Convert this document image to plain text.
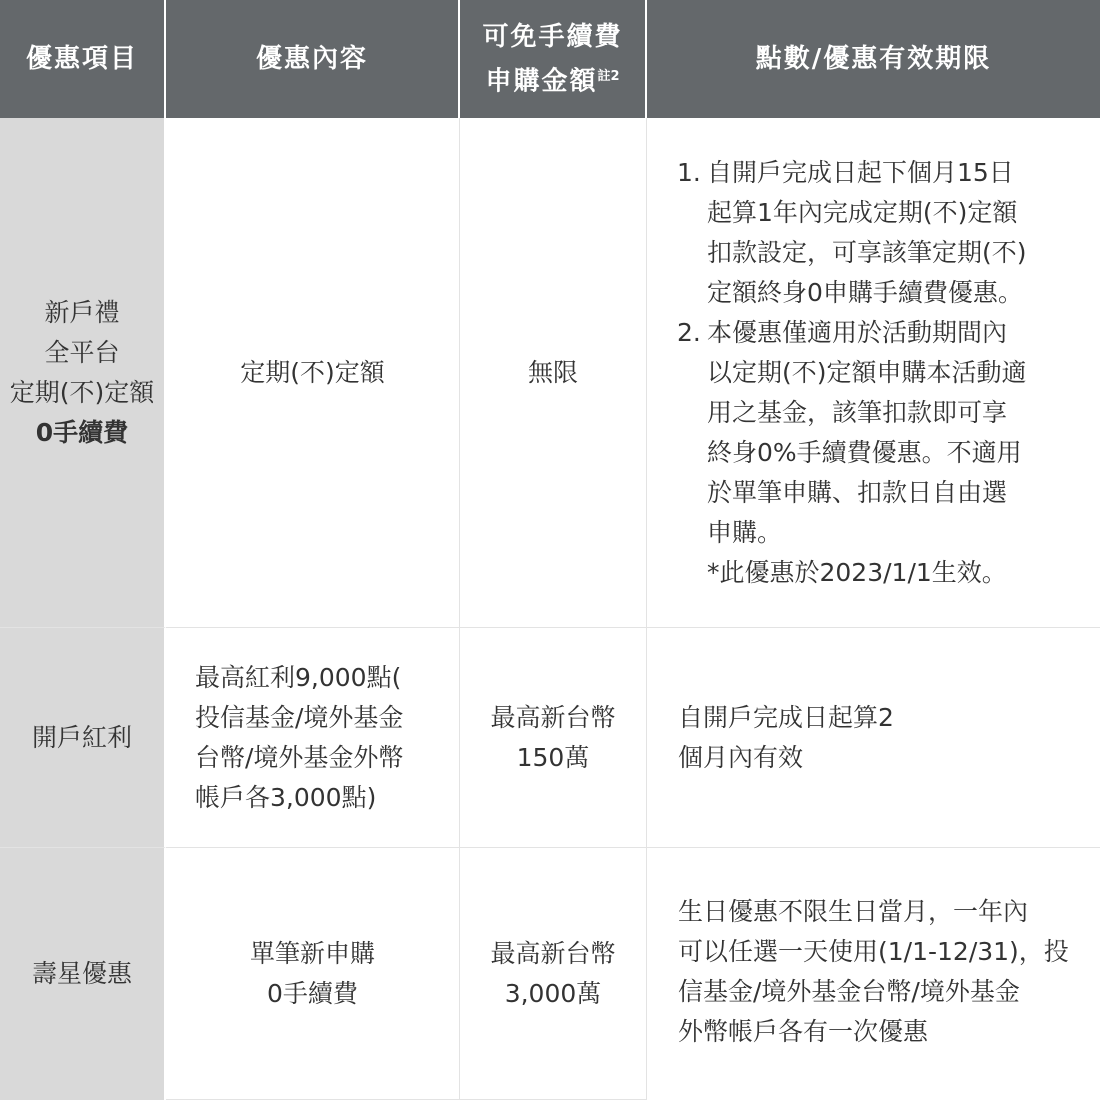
優惠項目	優惠內容
可免手續費
申購金額$^{註2}$
點數/優惠有效期限
新戶禮
全平台
定期(不)定額
0手續費
定期(不)定額	無限
1. 自開戶完成日起下個月15日
起算1年內完成定期(不)定額
扣款設定，可享該筆定期(不)
定額終身0申購手續費優惠。
2. 本優惠僅適用於活動期間內
以定期(不)定額申購本活動適
用之基金，該筆扣款即可享
終身0%手續費優惠。不適用
於單筆申購、扣款日自由選
申購。
*此優惠於2023/1/1生效。
開戶紅利
最高紅利9,000點(
投信基金/境外基金
台幣/境外基金外幣
帳戶各3,000點)
最高新台幣
150萬
自開戶完成日起算2
個月內有效
壽星優惠
單筆新申購
0手續費
最高新台幣
3,000萬
生日優惠不限生日當月，一年內
可以任選一天使用(1/1-12/31)，投
信基金/境外基金台幣/境外基金
外幣帳戶各有一次優惠
